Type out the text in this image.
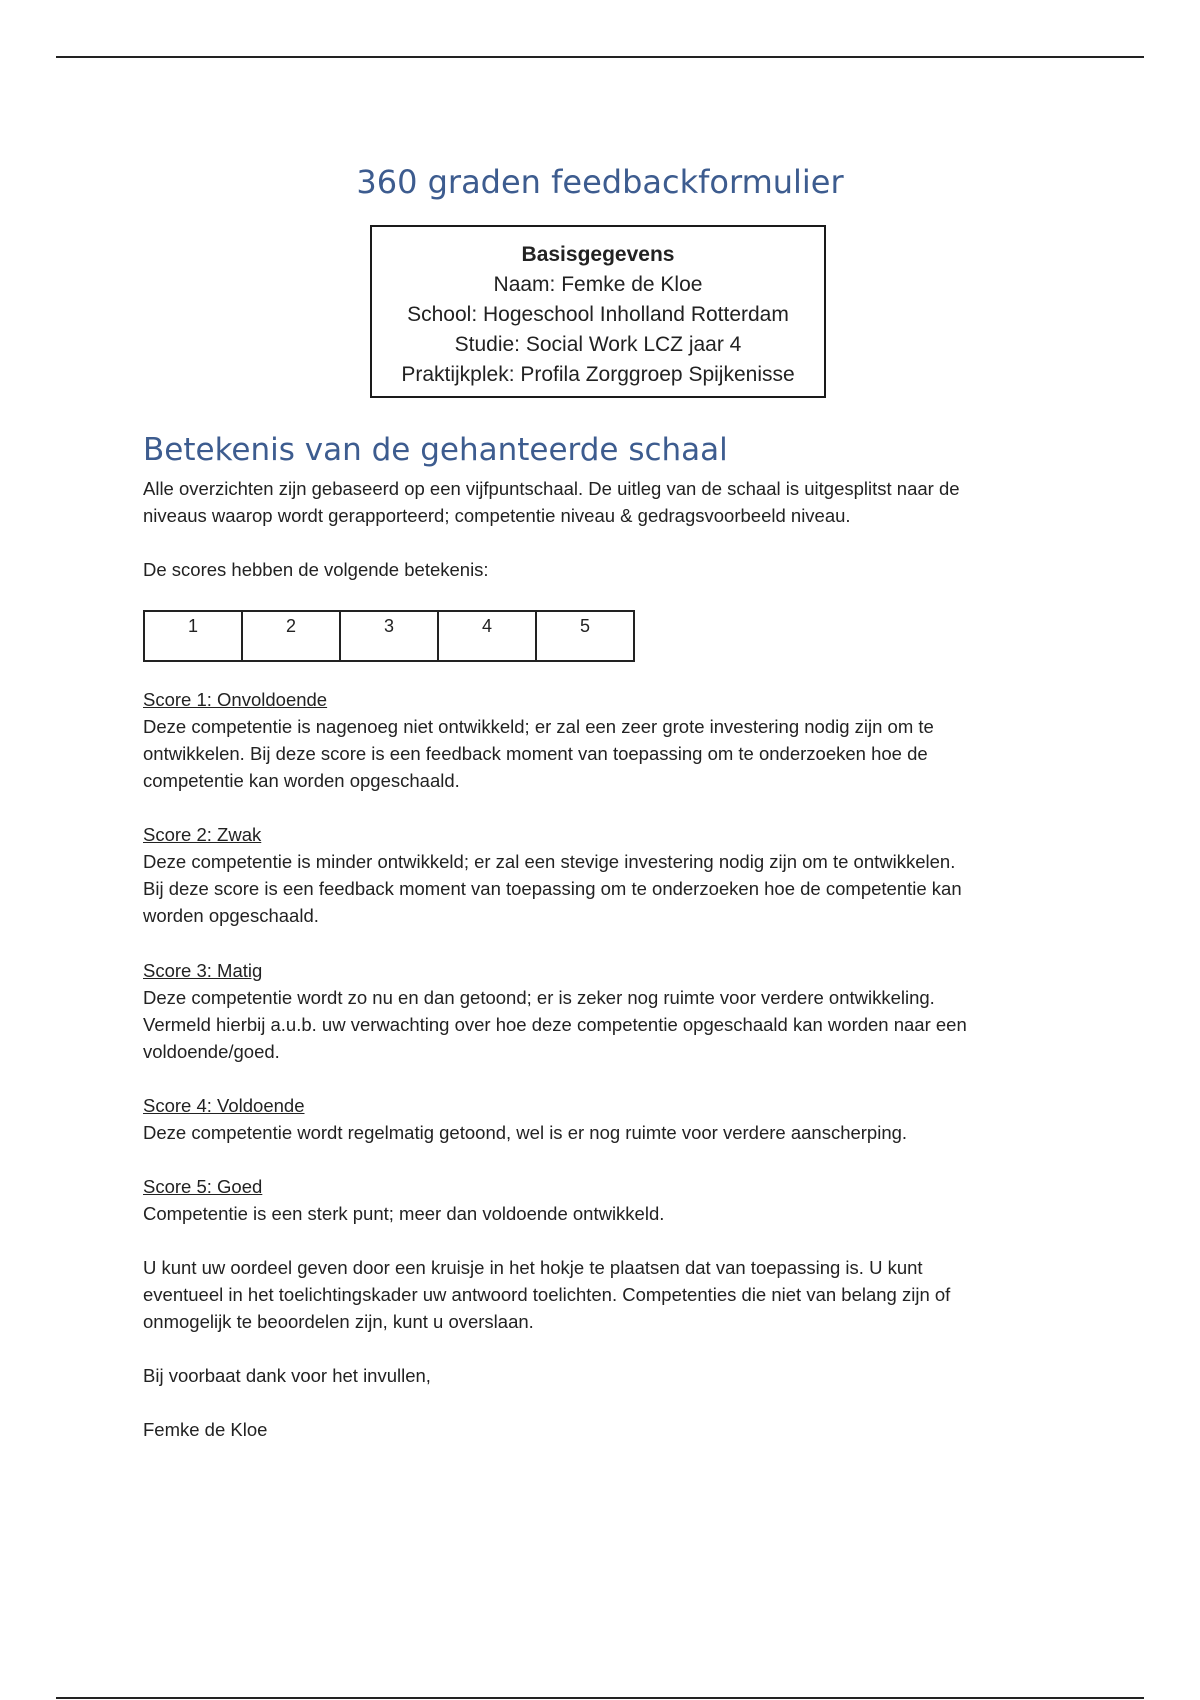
360 graden feedbackformulier
Basisgegevens
Naam: Femke de Kloe
School: Hogeschool Inholland Rotterdam
Studie: Social Work LCZ jaar 4
Praktijkplek: Profila Zorggroep Spijkenisse
Betekenis van de gehanteerde schaal

Alle overzichten zijn gebaseerd op een vijfpuntschaal. De uitleg van de schaal is uitgesplitst naar de
niveaus waarop wordt gerapporteerd; competentie niveau & gedragsvoorbeeld niveau.

De scores hebben de volgende betekenis:

1	2	3	4	5
Score 1: Onvoldoende
Deze competentie is nagenoeg niet ontwikkeld; er zal een zeer grote investering nodig zijn om te
ontwikkelen. Bij deze score is een feedback moment van toepassing om te onderzoeken hoe de
competentie kan worden opgeschaald.
Score 2: Zwak
Deze competentie is minder ontwikkeld; er zal een stevige investering nodig zijn om te ontwikkelen.
Bij deze score is een feedback moment van toepassing om te onderzoeken hoe de competentie kan
worden opgeschaald.
Score 3: Matig
Deze competentie wordt zo nu en dan getoond; er is zeker nog ruimte voor verdere ontwikkeling.
Vermeld hierbij a.u.b. uw verwachting over hoe deze competentie opgeschaald kan worden naar een
voldoende/goed.
Score 4: Voldoende
Deze competentie wordt regelmatig getoond, wel is er nog ruimte voor verdere aanscherping.
Score 5: Goed
Competentie is een sterk punt; meer dan voldoende ontwikkeld.

U kunt uw oordeel geven door een kruisje in het hokje te plaatsen dat van toepassing is. U kunt
eventueel in het toelichtingskader uw antwoord toelichten. Competenties die niet van belang zijn of
onmogelijk te beoordelen zijn, kunt u overslaan.

Bij voorbaat dank voor het invullen,

Femke de Kloe
